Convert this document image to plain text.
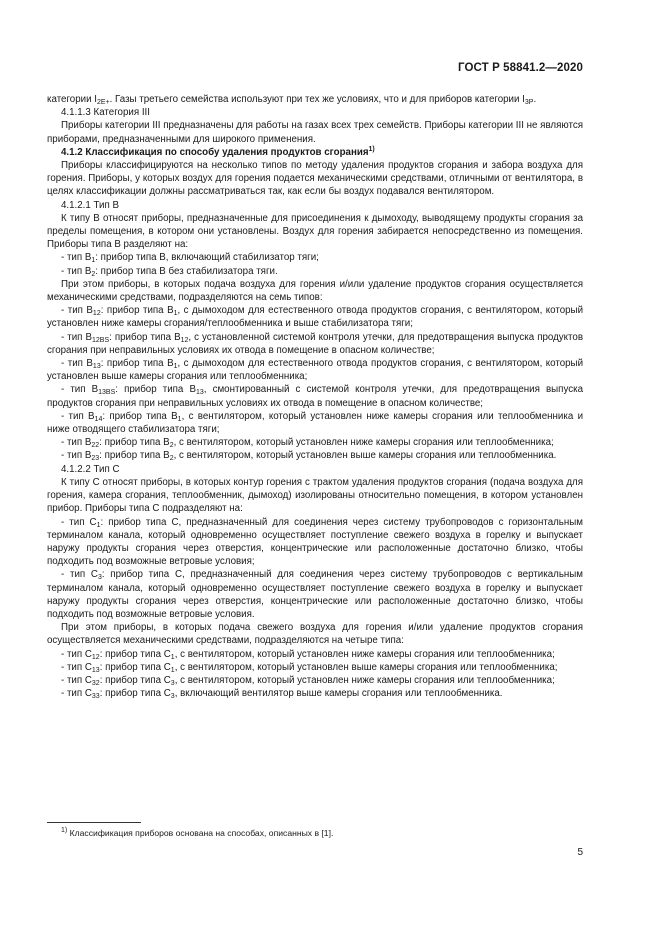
ГОСТ Р 58841.2—2020

категории $I_{2E+}$. Газы третьего семейства используют при тех же условиях, что и для приборов категории $I_{3P}$.

4.1.1.3 Категория III

Приборы категории III предназначены для работы на газах всех трех семейств. Приборы категории III не являются приборами, предназначенными для широкого применения.

4.1.2 Классификация по способу удаления продуктов сгорания$^{1)}$

Приборы классифицируются на несколько типов по методу удаления продуктов сгорания и забора воздуха для горения. Приборы, у которых воздух для горения подается механическими средствами, отличными от вентилятора, в целях классификации должны рассматриваться так, как если бы воздух подавался вентилятором.

4.1.2.1 Тип B

К типу B относят приборы, предназначенные для присоединения к дымоходу, выводящему продукты сгорания за пределы помещения, в котором они установлены. Воздух для горения забирается непосредственно из помещения. Приборы типа B разделяют на:

- тип $B_1$: прибор типа B, включающий стабилизатор тяги;

- тип $B_2$: прибор типа B без стабилизатора тяги.

При этом приборы, в которых подача воздуха для горения и/или удаление продуктов сгорания осуществляется механическими средствами, подразделяются на семь типов:

- тип $B_{12}$: прибор типа $B_1$, с дымоходом для естественного отвода продуктов сгорания, с вентилятором, который установлен ниже камеры сгорания/теплообменника и выше стабилизатора тяги;

- тип $B_{12BS}$: прибор типа $B_{12}$, с установленной системой контроля утечки, для предотвращения выпуска продуктов сгорания при неправильных условиях их отвода в помещение в опасном количестве;

- тип $B_{13}$: прибор типа $B_1$, с дымоходом для естественного отвода продуктов сгорания, с вентилятором, который установлен выше камеры сгорания или теплообменника;

- тип $B_{13BS}$: прибор типа $B_{13}$, смонтированный с системой контроля утечки, для предотвращения выпуска продуктов сгорания при неправильных условиях их отвода в помещение в опасном количестве;

- тип $B_{14}$: прибор типа $B_1$, с вентилятором, который установлен ниже камеры сгорания или теплообменника и ниже отводящего стабилизатора тяги;

- тип $B_{22}$: прибор типа $B_2$, с вентилятором, который установлен ниже камеры сгорания или теплообменника;

- тип $B_{23}$: прибор типа $B_2$, с вентилятором, который установлен выше камеры сгорания или теплообменника.

4.1.2.2 Тип C

К типу C относят приборы, в которых контур горения с трактом удаления продуктов сгорания (подача воздуха для горения, камера сгорания, теплообменник, дымоход) изолированы относительно помещения, в котором установлен прибор. Приборы типа C подразделяют на:

- тип $C_1$: прибор типа C, предназначенный для соединения через систему трубопроводов с горизонтальным терминалом канала, который одновременно осуществляет поступление свежего воздуха в горелку и выпускает наружу продукты сгорания через отверстия, концентрические или расположенные достаточно близко, чтобы подходить под возможные ветровые условия;

- тип $C_3$: прибор типа C, предназначенный для соединения через систему трубопроводов с вертикальным терминалом канала, который одновременно осуществляет поступление свежего воздуха в горелку и выпускает наружу продукты сгорания через отверстия, концентрические или расположенные достаточно близко, чтобы подходить под возможные ветровые условия.

При этом приборы, в которых подача свежего воздуха для горения и/или удаление продуктов сгорания осуществляется механическими средствами, подразделяются на четыре типа:

- тип $C_{12}$: прибор типа $C_1$, с вентилятором, который установлен ниже камеры сгорания или теплообменника;

- тип $C_{13}$: прибор типа $C_1$, с вентилятором, который установлен выше камеры сгорания или теплообменника;

- тип $C_{32}$: прибор типа $C_3$, с вентилятором, который установлен ниже камеры сгорания или теплообменника;

- тип $C_{33}$: прибор типа $C_3$, включающий вентилятор выше камеры сгорания или теплообменника.

$^{1)}$ Классификация приборов основана на способах, описанных в [1].
5
